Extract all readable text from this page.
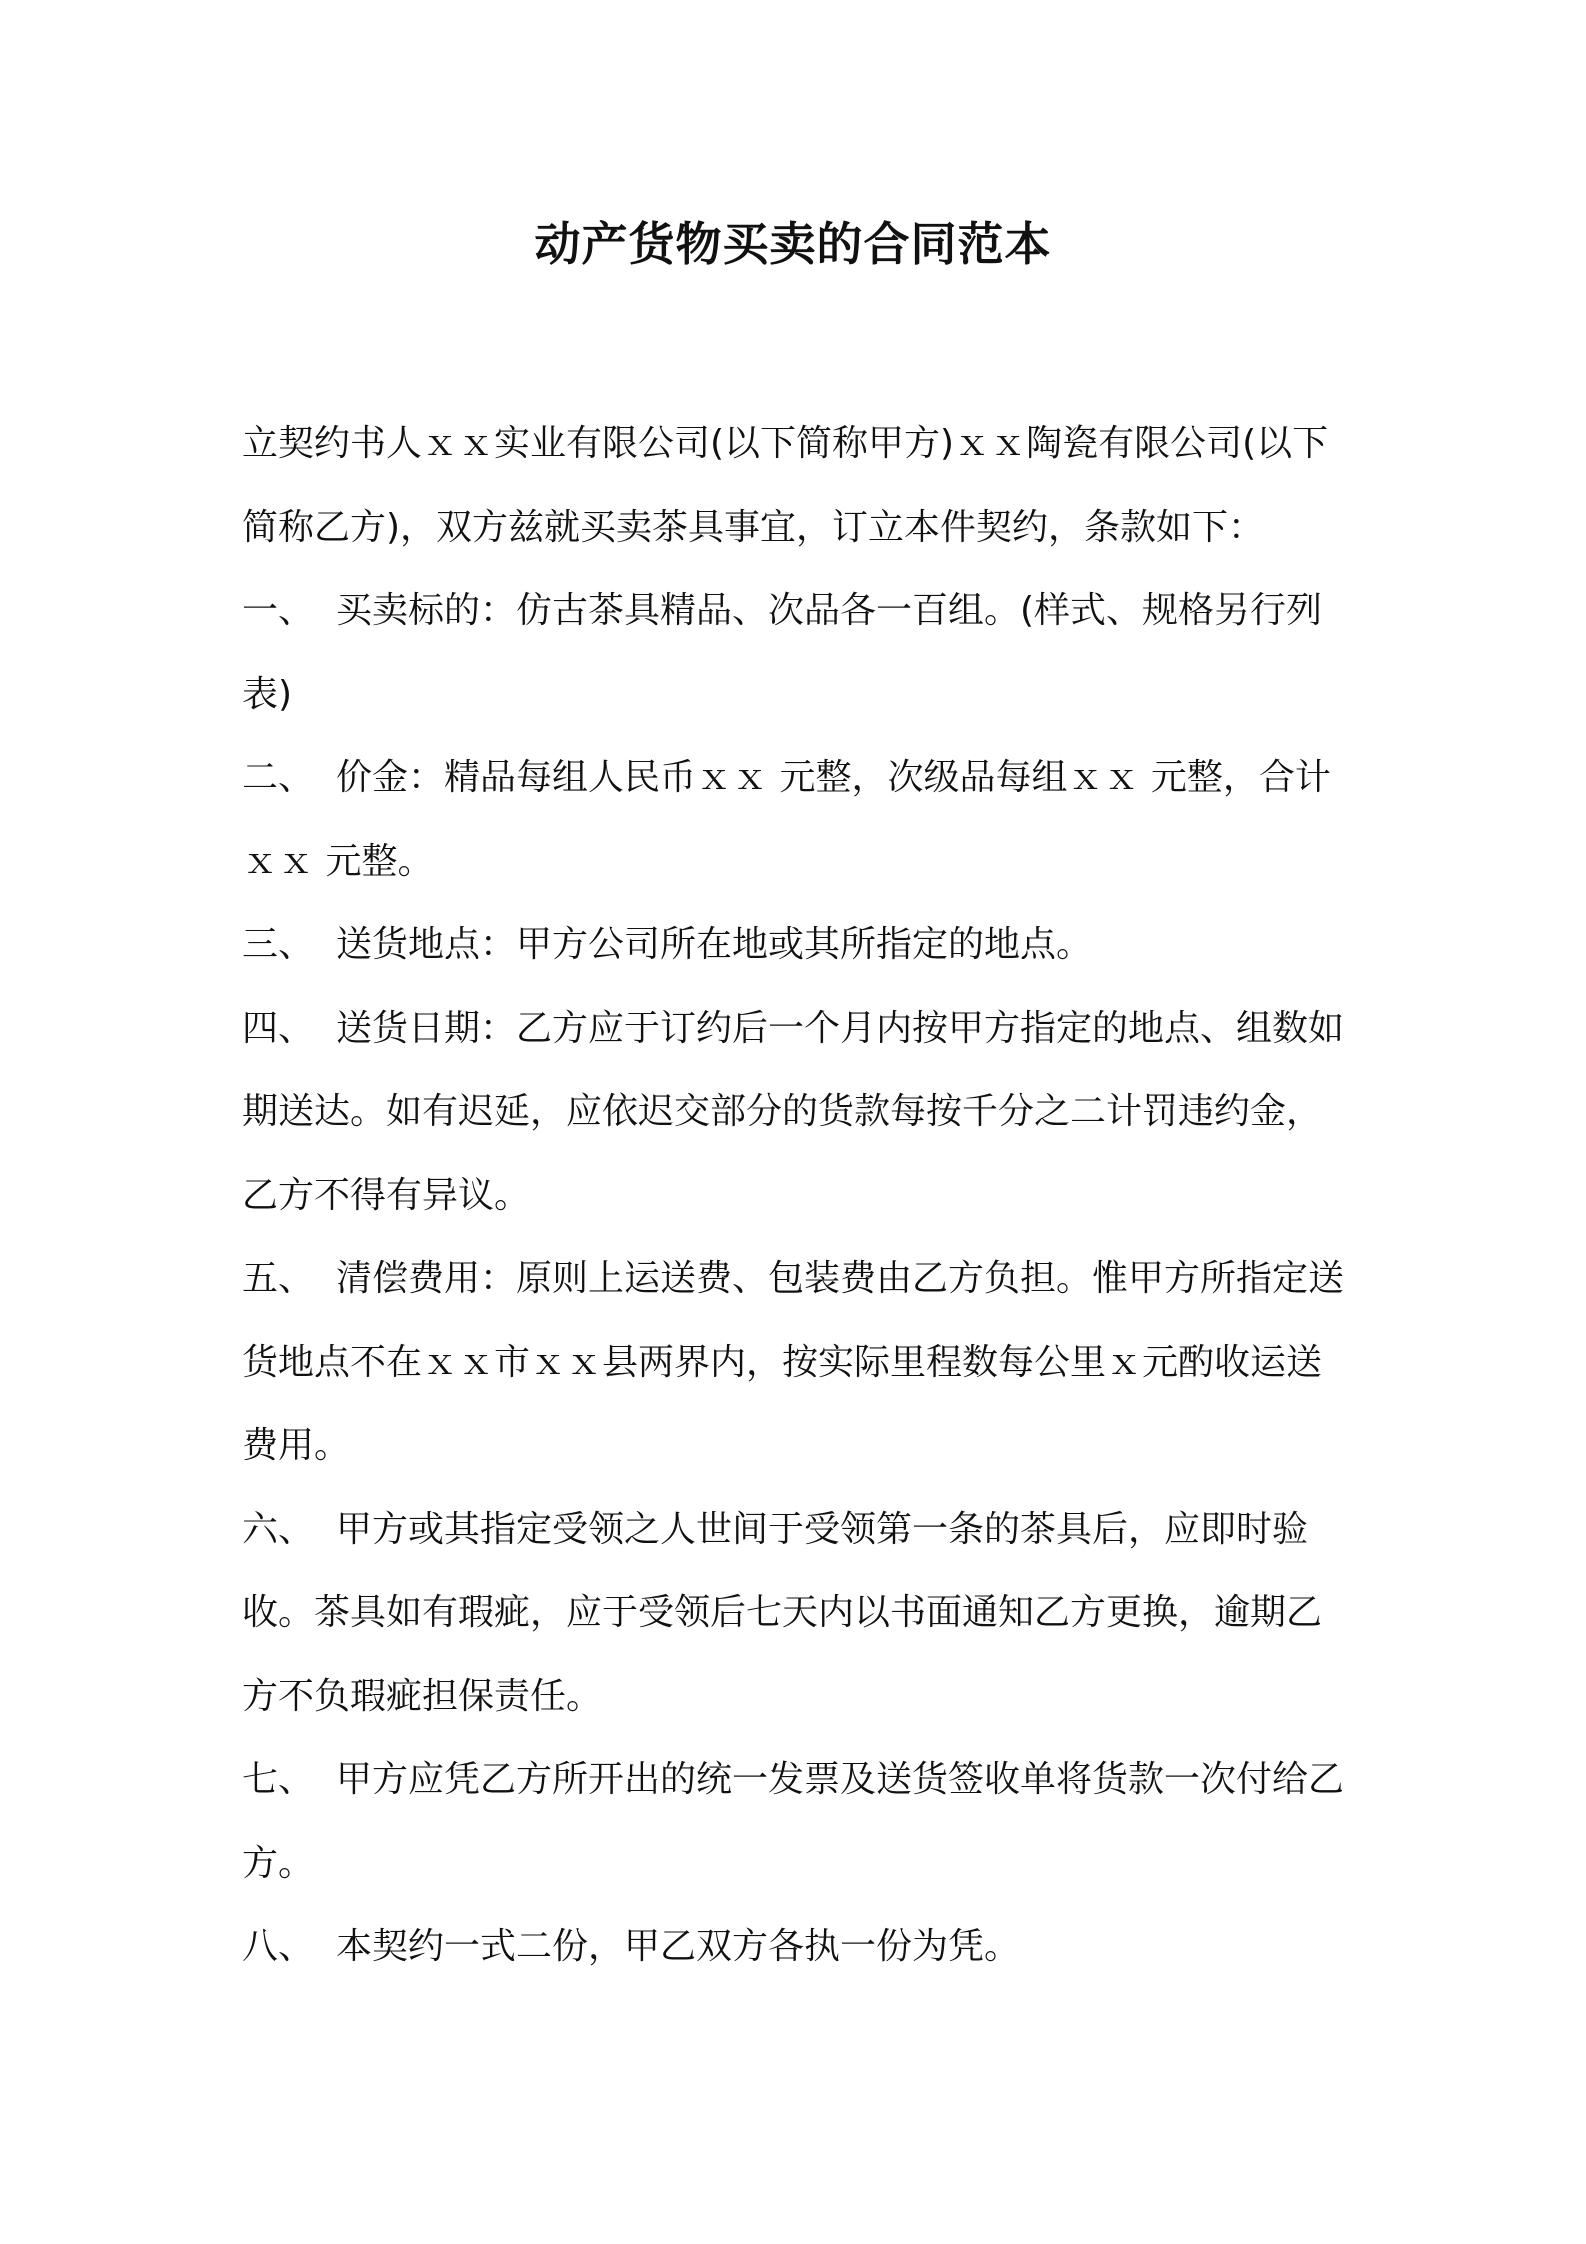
动产货物买卖的合同范本

立契约书人ｘｘ实业有限公司(以下简称甲方)ｘｘ陶瓷有限公司(以下简称乙方)，双方兹就买卖茶具事宜，订立本件契约，条款如下：

一、 买卖标的：仿古茶具精品、次品各一百组。(样式、规格另行列表)

二、 价金：精品每组人民币ｘｘ 元整，次级品每组ｘｘ 元整，合计ｘｘ 元整。

三、 送货地点：甲方公司所在地或其所指定的地点。

四、 送货日期：乙方应于订约后一个月内按甲方指定的地点、组数如期送达。如有迟延，应依迟交部分的货款每按千分之二计罚违约金，乙方不得有异议。

五、 清偿费用：原则上运送费、包装费由乙方负担。惟甲方所指定送货地点不在ｘｘ市ｘｘ县两界内，按实际里程数每公里ｘ元酌收运送费用。

六、 甲方或其指定受领之人世间于受领第一条的茶具后，应即时验收。茶具如有瑕疵，应于受领后七天内以书面通知乙方更换，逾期乙方不负瑕疵担保责任。

七、 甲方应凭乙方所开出的统一发票及送货签收单将货款一次付给乙方。

八、 本契约一式二份，甲乙双方各执一份为凭。
